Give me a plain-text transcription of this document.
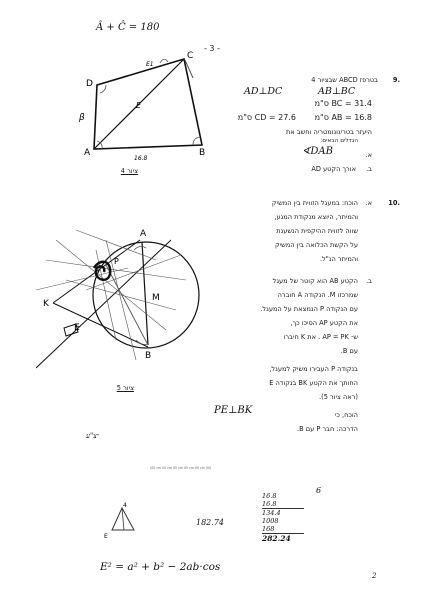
Â + Ĉ = 180
- 3 -
D
C
A	B
E
16.8
E1
β
ציור 4
.9
בטרפז ABCD שבציור 4
AD⊥DC	AB⊥BC
BC = 31.4 ס"מ
CD = 27.6 ס"מ	AB = 16.8 ס"מ
היעזר בטריגונומטריה וחשב את
הגדלים הבאים:
א.
∢DAB
ב.
אורך הקטע AD
.10
א.
הוכח: במעגל הזווית בין המשיק
והמיתר, היוצא מנקודת המגע,
שווה לזווית ההיקפית הנשענת
על הקשת הכלואה בין המשיק
והמיתר הנ"ל.
ב.
הקטע AB הוא קוטר של מעגל
שמרכזו M. הנקודה A חוברה
עם הנקודה P הנמצאת על המעגל.
את הקטע AP הסיכו כך,
ש- AP = PK . את K חיברו
עם B.
בנקודה P העבירו משיק למעגל,
החותך את הקטע BK בנקודה E
(ראה ציור 5).
הוכח, כי
PE⊥BK
הדרכה: חבר P עם B.
A
M
K
E
B
P
ציור 5
(00 cm 00 cm 00 cm 00 cm 00 cm 00)
יצ"ע
182.74
E² = a² + b² − 2ab·cos
4
Ε
16.8
16.8
134.4
1008
168
282.24
6
2
